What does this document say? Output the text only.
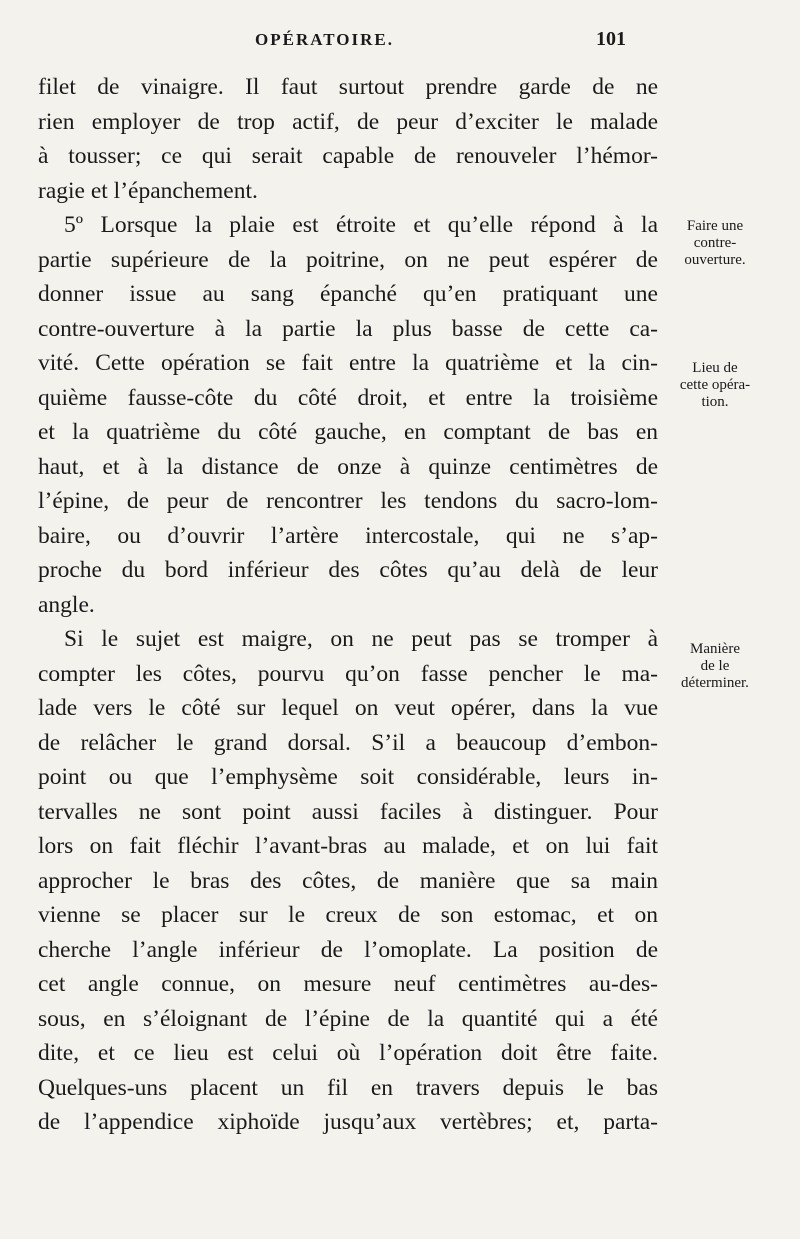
OPÉRATOIRE.	101
filet de vinaigre. Il faut surtout prendre garde de ne
rien employer de trop actif, de peur d’exciter le malade
à tousser; ce qui serait capable de renouveler l’hémor-
ragie et l’épanchement.
5º Lorsque la plaie est étroite et qu’elle répond à la
partie supérieure de la poitrine, on ne peut espérer de
donner issue au sang épanché qu’en pratiquant une
contre-ouverture à la partie la plus basse de cette ca-
vité. Cette opération se fait entre la quatrième et la cin-
quième fausse-côte du côté droit, et entre la troisième
et la quatrième du côté gauche, en comptant de bas en
haut, et à la distance de onze à quinze centimètres de
l’épine, de peur de rencontrer les tendons du sacro-lom-
baire, ou d’ouvrir l’artère intercostale, qui ne s’ap-
proche du bord inférieur des côtes qu’au delà de leur
angle.
Si le sujet est maigre, on ne peut pas se tromper à
compter les côtes, pourvu qu’on fasse pencher le ma-
lade vers le côté sur lequel on veut opérer, dans la vue
de relâcher le grand dorsal. S’il a beaucoup d’embon-
point ou que l’emphysème soit considérable, leurs in-
tervalles ne sont point aussi faciles à distinguer. Pour
lors on fait fléchir l’avant-bras au malade, et on lui fait
approcher le bras des côtes, de manière que sa main
vienne se placer sur le creux de son estomac, et on
cherche l’angle inférieur de l’omoplate. La position de
cet angle connue, on mesure neuf centimètres au-des-
sous, en s’éloignant de l’épine de la quantité qui a été
dite, et ce lieu est celui où l’opération doit être faite.
Quelques-uns placent un fil en travers depuis le bas
de l’appendice xiphoïde jusqu’aux vertèbres; et, parta-
Faire une
contre-
ouverture.
Lieu de
cette opéra-
tion.
Manière
de le
déterminer.
